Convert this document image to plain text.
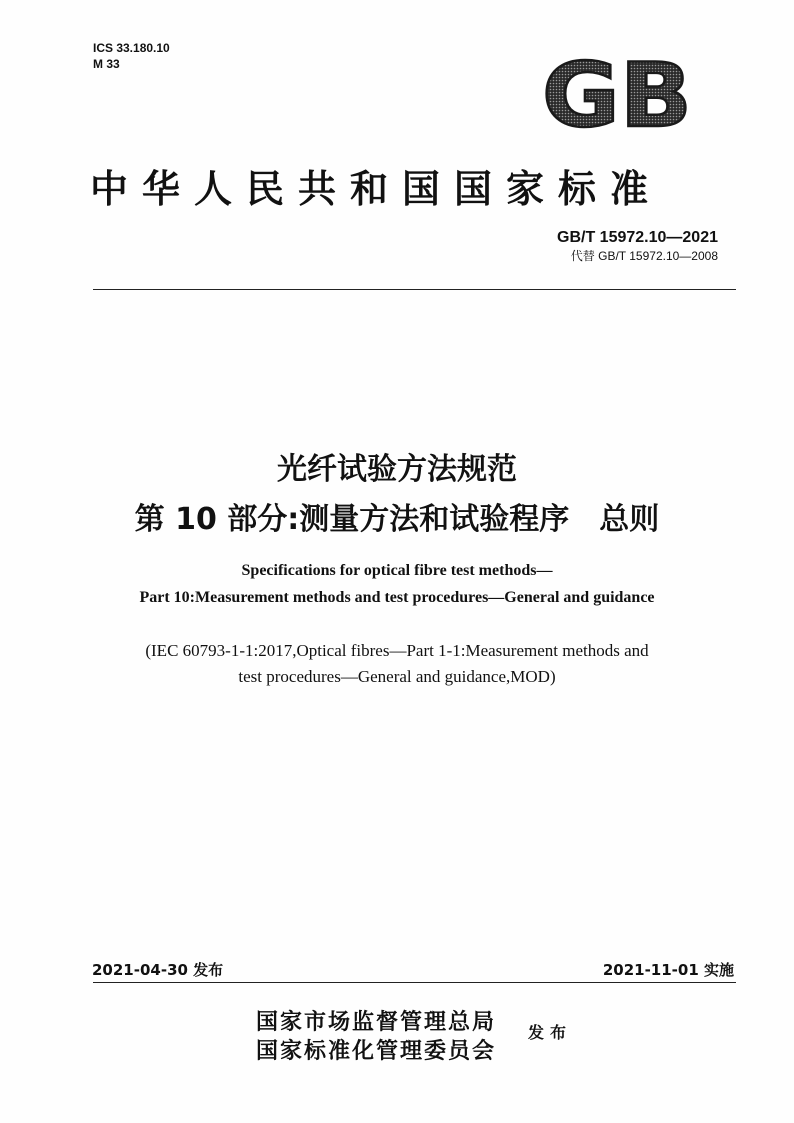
ICS 33.180.10
M 33	GB
中华人民共和国国家标准
GB/T 15972.10—2021
代替 GB/T 15972.10—2008
光纤试验方法规范
第 10 部分:测量方法和试验程序　总则
Specifications for optical fibre test methods—
Part 10:Measurement methods and test procedures—General and guidance
(IEC 60793-1-1:2017,Optical fibres—Part 1-1:Measurement methods and
test procedures—General and guidance,MOD)
2021-04-30 发布	2021-11-01 实施
国家市场监督管理总局
国家标准化管理委员会
发布
